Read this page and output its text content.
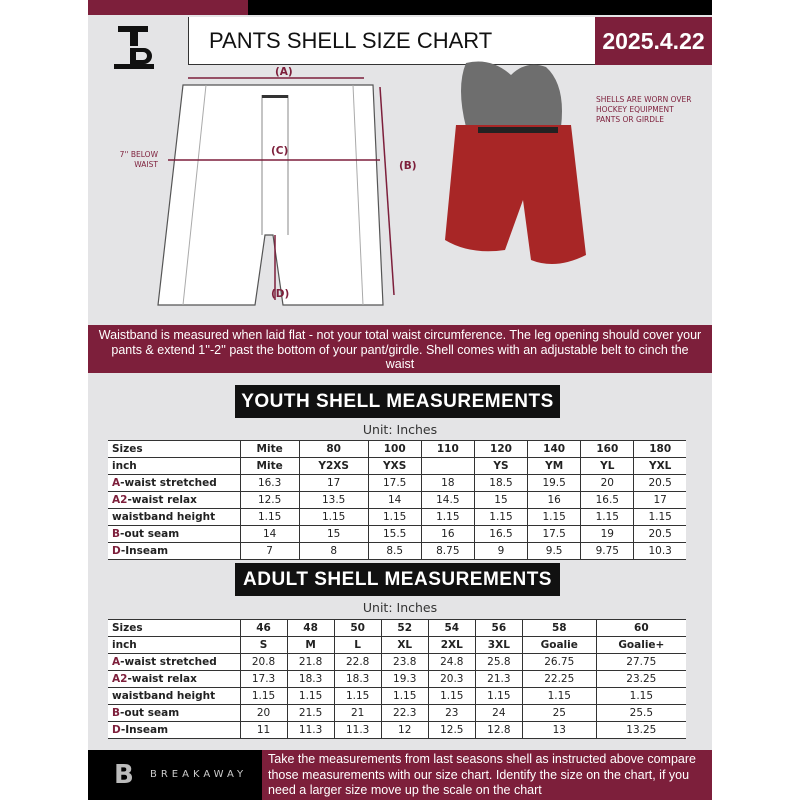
PANTS SHELL SIZE CHART	2025.4.22
(A)
(C)
(B)
(D)
7'' BELOW WAIST
SHELLS ARE WORN OVER HOCKEY EQUIPMENT PANTS OR GIRDLE
Waistband is measured when laid flat - not your total waist circumference. The leg opening should cover your pants & extend 1''-2'' past the bottom of your pant/girdle. Shell comes with an adjustable belt to cinch the waist
YOUTH SHELL MEASUREMENTS
Unit: Inches
Sizes	Mite	80	100	110	120	140	160	180
inch	Mite	Y2XS	YXS		YS	YM	YL	YXL
A-waist stretched	16.3	17	17.5	18	18.5	19.5	20	20.5
A2-waist relax	12.5	13.5	14	14.5	15	16	16.5	17
waistband height	1.15	1.15	1.15	1.15	1.15	1.15	1.15	1.15
B-out seam	14	15	15.5	16	16.5	17.5	19	20.5
D-Inseam	7	8	8.5	8.75	9	9.5	9.75	10.3
ADULT SHELL MEASUREMENTS
Unit: Inches
Sizes	46	48	50	52	54	56	58	60
inch	S	M	L	XL	2XL	3XL	Goalie	Goalie+
A-waist stretched	20.8	21.8	22.8	23.8	24.8	25.8	26.75	27.75
A2-waist relax	17.3	18.3	18.3	19.3	20.3	21.3	22.25	23.25
waistband height	1.15	1.15	1.15	1.15	1.15	1.15	1.15	1.15
B-out seam	20	21.5	21	22.3	23	24	25	25.5
D-Inseam	11	11.3	11.3	12	12.5	12.8	13	13.25
B BREAKAWAY
Take the measurements from last seasons shell as instructed above compare those measurements with our size chart. Identify the size on the chart, if you need a larger size move up the scale on the chart
